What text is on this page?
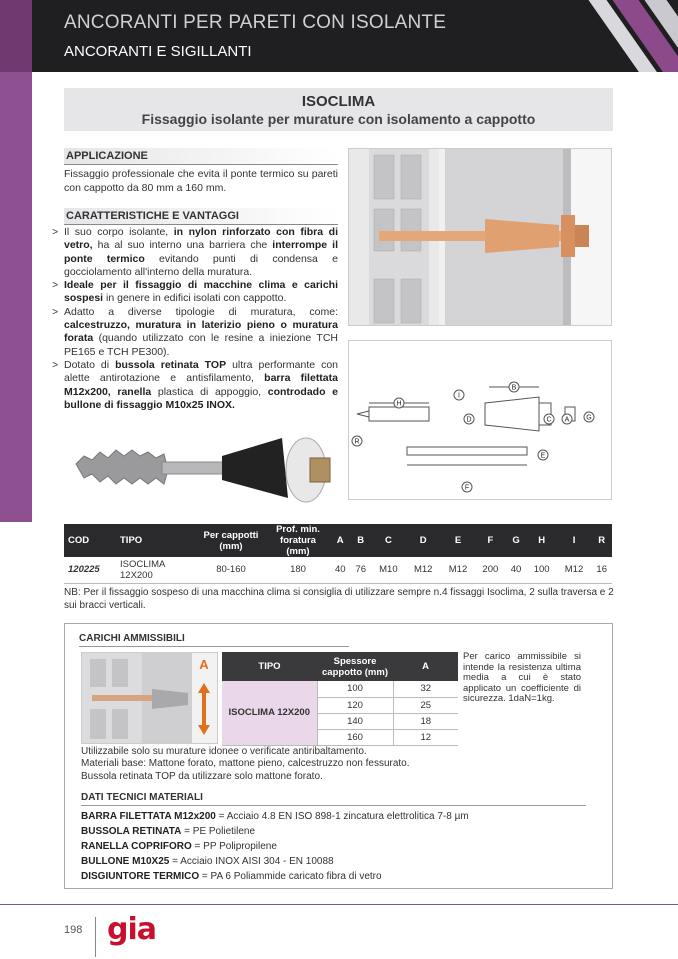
ANCORANTI PER PARETI CON ISOLANTE
ANCORANTI E SIGILLANTI
ISOCLIMA
Fissaggio isolante per murature con isolamento a cappotto
APPLICAZIONE
Fissaggio professionale che evita il ponte termico su pareti con cappotto da 80 mm a 160 mm.
CARATTERISTICHE E VANTAGGI
> Il suo corpo isolante, in nylon rinforzato con fibra di vetro, ha al suo interno una barriera che interrompe il ponte termico evitando punti di condensa e gocciolamento all'interno della muratura.
> Ideale per il fissaggio di macchine clima e carichi sospesi in genere in edifici isolati con cappotto.
> Adatto a diverse tipologie di muratura, come: calcestruzzo, muratura in laterizio pieno o muratura forata (quando utilizzato con le resine a iniezione TCH PE165 e TCH PE300).
> Dotato di bussola retinata TOP ultra performante con alette antirotazione e antisfilamento, barra filettata M12x200, ranella plastica di appoggio, controdado e bullone di fissaggio M10x25 INOX.	H
I
B
D	C A G
R
E
F
COD	TIPO	Per cappotti (mm)	Prof. min. foratura (mm)	A	B	C	D	E	F	G	H	I	R
120225	ISOCLIMA 12X200	80-160	180	40	76	M10	M12	M12	200	40	100	M12	16
NB: Per il fissaggio sospeso di una macchina clima si consiglia di utilizzare sempre n.4 fissaggi Isoclima, 2 sulla traversa e 2 sui bracci verticali.
CARICHI AMMISSIBILI
A	TIPO	Spessore cappotto (mm)	A
ISOCLIMA 12X200	100	32
	120	25
	140	18
	160	12
Per carico ammissibile si intende la resistenza ultima media a cui è stato applicato un coefficiente di sicurezza. 1daN=1kg.
Utilizzabile solo su murature idonee o verificate antiribaltamento.
Materiali base: Mattone forato, mattone pieno, calcestruzzo non fessurato.
Bussola retinata TOP da utilizzare solo mattone forato.
DATI TECNICI MATERIALI
BARRA FILETTATA M12x200 = Acciaio 4.8 EN ISO 898-1 zincatura elettrolitica 7-8 µm
BUSSOLA RETINATA = PE Polietilene
RANELLA COPRIFORO = PP Polipropilene
BULLONE M10X25 = Acciaio INOX AISI 304 - EN 10088
DISGIUNTORE TERMICO = PA 6 Poliammide caricato fibra di vetro
198 gia
